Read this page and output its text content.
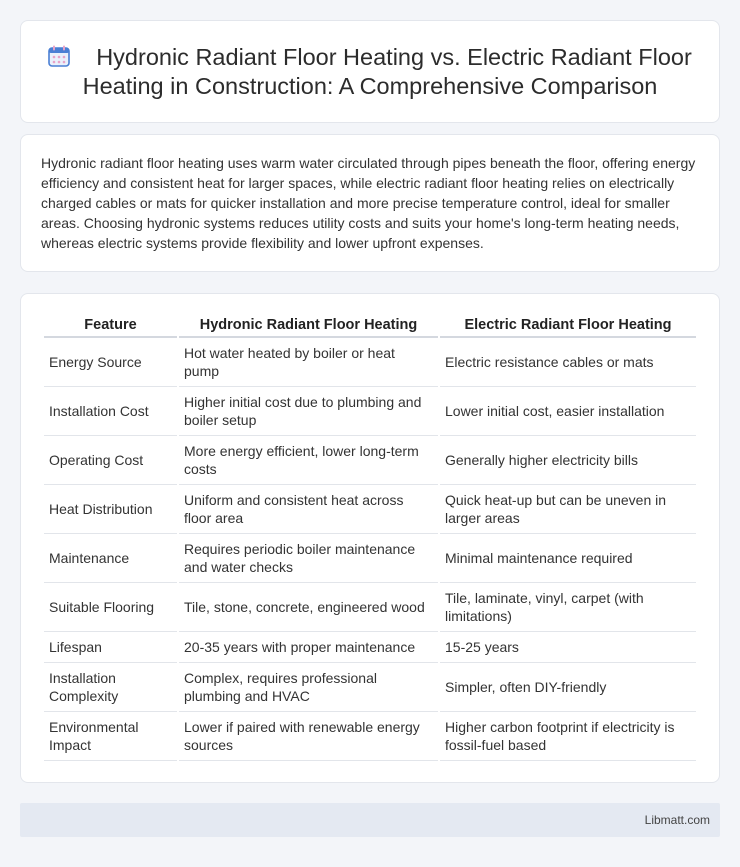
Hydronic Radiant Floor Heating vs. Electric Radiant Floor Heating in Construction: A Comprehensive Comparison

Hydronic radiant floor heating uses warm water circulated through pipes beneath the floor, offering energy efficiency and consistent heat for larger spaces, while electric radiant floor heating relies on electrically charged cables or mats for quicker installation and more precise temperature control, ideal for smaller areas. Choosing hydronic systems reduces utility costs and suits your home's long-term heating needs, whereas electric systems provide flexibility and lower upfront expenses.

Feature	Hydronic Radiant Floor Heating	Electric Radiant Floor Heating
Energy Source	Hot water heated by boiler or heat pump	Electric resistance cables or mats
Installation Cost	Higher initial cost due to plumbing and boiler setup	Lower initial cost, easier installation
Operating Cost	More energy efficient, lower long-term costs	Generally higher electricity bills
Heat Distribution	Uniform and consistent heat across floor area	Quick heat-up but can be uneven in larger areas
Maintenance	Requires periodic boiler maintenance and water checks	Minimal maintenance required
Suitable Flooring	Tile, stone, concrete, engineered wood	Tile, laminate, vinyl, carpet (with limitations)
Lifespan	20-35 years with proper maintenance	15-25 years
Installation Complexity	Complex, requires professional plumbing and HVAC	Simpler, often DIY-friendly
Environmental Impact	Lower if paired with renewable energy sources	Higher carbon footprint if electricity is fossil-fuel based
Libmatt.com
